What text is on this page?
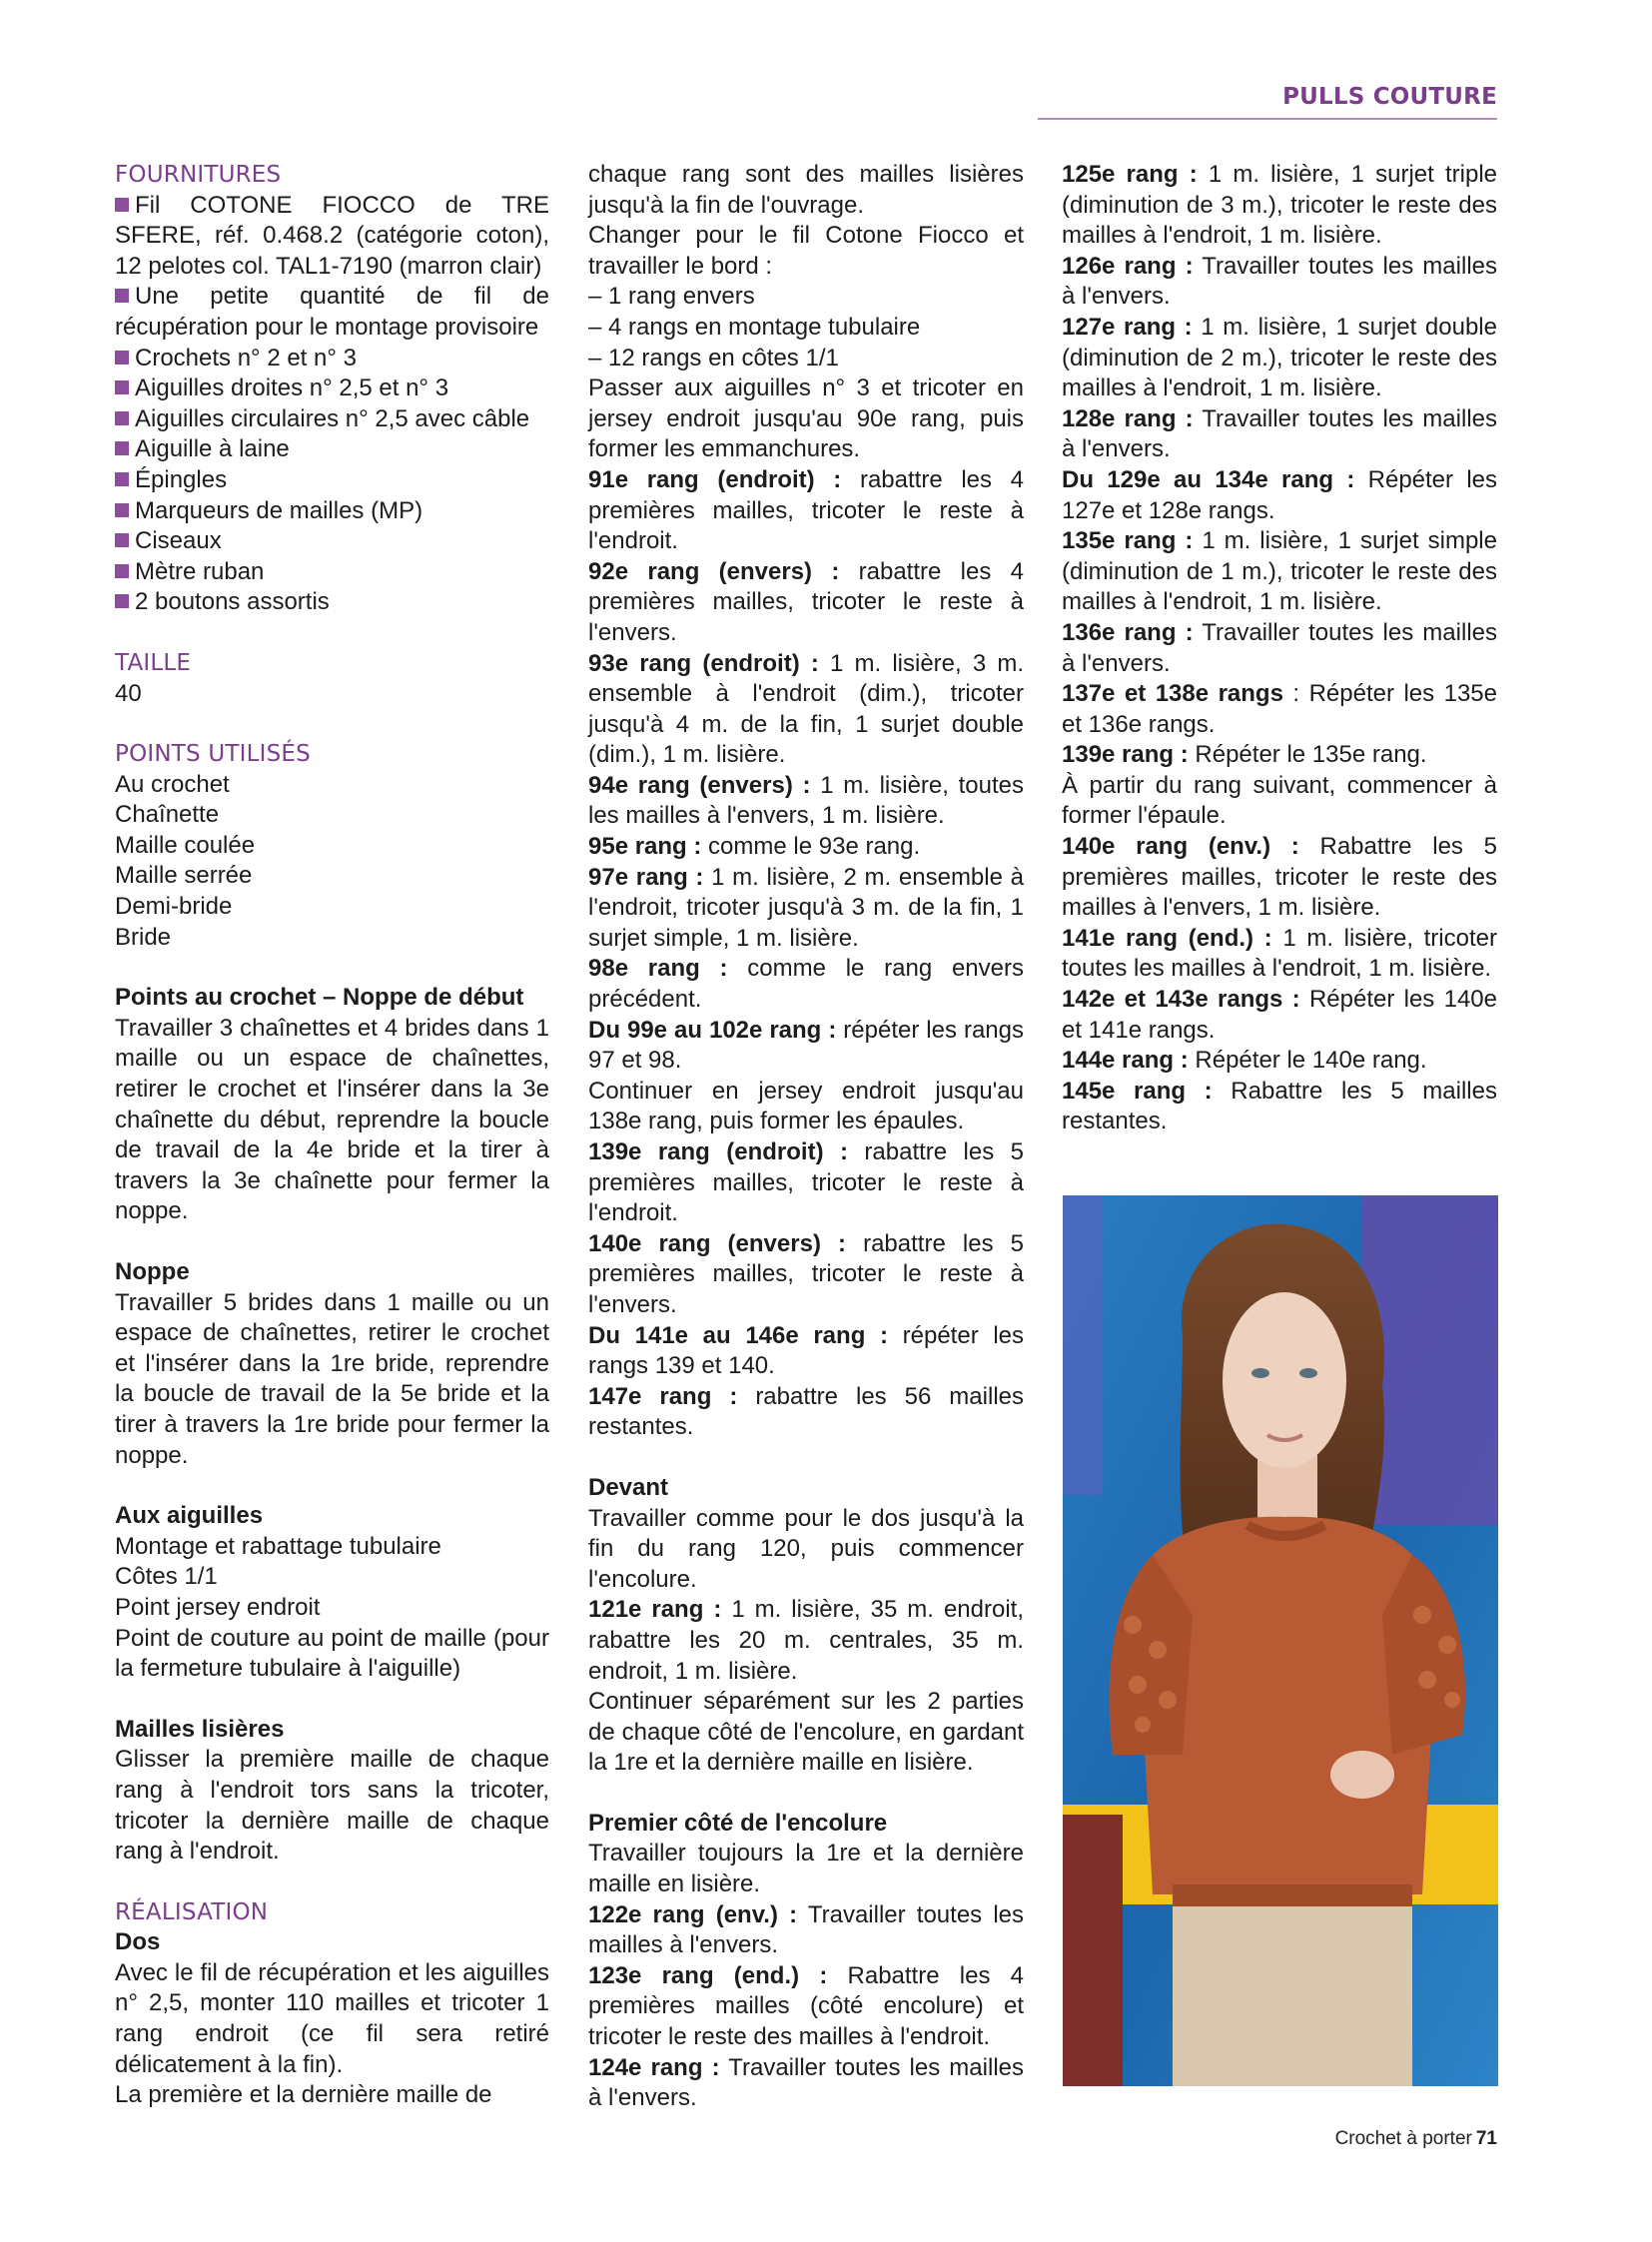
PULLS COUTURE
FOURNITURES

Fil COTONE FIOCCO de TRE SFERE, réf. 0.468.2 (catégorie coton), 12 pelotes col. TAL1-7190 (marron clair)

Une petite quantité de fil de récupération pour le montage provisoire

Crochets n° 2 et n° 3

Aiguilles droites n° 2,5 et n° 3

Aiguilles circulaires n° 2,5 avec câble

Aiguille à laine

Épingles

Marqueurs de mailles (MP)

Ciseaux

Mètre ruban

2 boutons assortis

TAILLE

40

POINTS UTILISÉS

Au crochet

Chaînette

Maille coulée

Maille serrée

Demi-bride

Bride

Points au crochet – Noppe de début

Travailler 3 chaînettes et 4 brides dans 1 maille ou un espace de chaînettes, retirer le crochet et l'insérer dans la 3e chaînette du début, reprendre la boucle de travail de la 4e bride et la tirer à travers la 3e chaînette pour fermer la noppe.

Noppe

Travailler 5 brides dans 1 maille ou un espace de chaînettes, retirer le crochet et l'insérer dans la 1re bride, reprendre la boucle de travail de la 5e bride et la tirer à travers la 1re bride pour fermer la noppe.

Aux aiguilles

Montage et rabattage tubulaire

Côtes 1/1

Point jersey endroit

Point de couture au point de maille (pour la fermeture tubulaire à l'aiguille)

Mailles lisières

Glisser la première maille de chaque rang à l'endroit tors sans la tricoter, tricoter la dernière maille de chaque rang à l'endroit.

RÉALISATION
Dos

Avec le fil de récupération et les aiguilles n° 2,5, monter 110 mailles et tricoter 1 rang endroit (ce fil sera retiré délicatement à la fin).

La première et la dernière maille de

chaque rang sont des mailles lisières jusqu'à la fin de l'ouvrage.

Changer pour le fil Cotone Fiocco et travailler le bord :

– 1 rang envers

– 4 rangs en montage tubulaire

– 12 rangs en côtes 1/1

Passer aux aiguilles n° 3 et tricoter en jersey endroit jusqu'au 90e rang, puis former les emmanchures.

91e rang (endroit) : rabattre les 4 premières mailles, tricoter le reste à l'endroit.

92e rang (envers) : rabattre les 4 premières mailles, tricoter le reste à l'envers.

93e rang (endroit) : 1 m. lisière, 3 m. ensemble à l'endroit (dim.), tricoter jusqu'à 4 m. de la fin, 1 surjet double (dim.), 1 m. lisière.

94e rang (envers) : 1 m. lisière, toutes les mailles à l'envers, 1 m. lisière.

95e rang : comme le 93e rang.

97e rang : 1 m. lisière, 2 m. ensemble à l'endroit, tricoter jusqu'à 3 m. de la fin, 1 surjet simple, 1 m. lisière.

98e rang : comme le rang envers précédent.

Du 99e au 102e rang : répéter les rangs 97 et 98.

Continuer en jersey endroit jusqu'au 138e rang, puis former les épaules.

139e rang (endroit) : rabattre les 5 premières mailles, tricoter le reste à l'endroit.

140e rang (envers) : rabattre les 5 premières mailles, tricoter le reste à l'envers.

Du 141e au 146e rang : répéter les rangs 139 et 140.

147e rang : rabattre les 56 mailles restantes.

Devant

Travailler comme pour le dos jusqu'à la fin du rang 120, puis commencer l'encolure.

121e rang : 1 m. lisière, 35 m. endroit, rabattre les 20 m. centrales, 35 m. endroit, 1 m. lisière.

Continuer séparément sur les 2 parties de chaque côté de l'encolure, en gardant la 1re et la dernière maille en lisière.

Premier côté de l'encolure

Travailler toujours la 1re et la dernière maille en lisière.

122e rang (env.) : Travailler toutes les mailles à l'envers.

123e rang (end.) : Rabattre les 4 premières mailles (côté encolure) et tricoter le reste des mailles à l'endroit.

124e rang : Travailler toutes les mailles à l'envers.

125e rang : 1 m. lisière, 1 surjet triple (diminution de 3 m.), tricoter le reste des mailles à l'endroit, 1 m. lisière.

126e rang : Travailler toutes les mailles à l'envers.

127e rang : 1 m. lisière, 1 surjet double (diminution de 2 m.), tricoter le reste des mailles à l'endroit, 1 m. lisière.

128e rang : Travailler toutes les mailles à l'envers.

Du 129e au 134e rang : Répéter les 127e et 128e rangs.

135e rang : 1 m. lisière, 1 surjet simple (diminution de 1 m.), tricoter le reste des mailles à l'endroit, 1 m. lisière.

136e rang : Travailler toutes les mailles à l'envers.

137e et 138e rangs : Répéter les 135e et 136e rangs.

139e rang : Répéter le 135e rang.

À partir du rang suivant, commencer à former l'épaule.

140e rang (env.) : Rabattre les 5 premières mailles, tricoter le reste des mailles à l'envers, 1 m. lisière.

141e rang (end.) : 1 m. lisière, tricoter toutes les mailles à l'endroit, 1 m. lisière.

142e et 143e rangs : Répéter les 140e et 141e rangs.

144e rang : Répéter le 140e rang.

145e rang : Rabattre les 5 mailles restantes.

Crochet à porter 71
